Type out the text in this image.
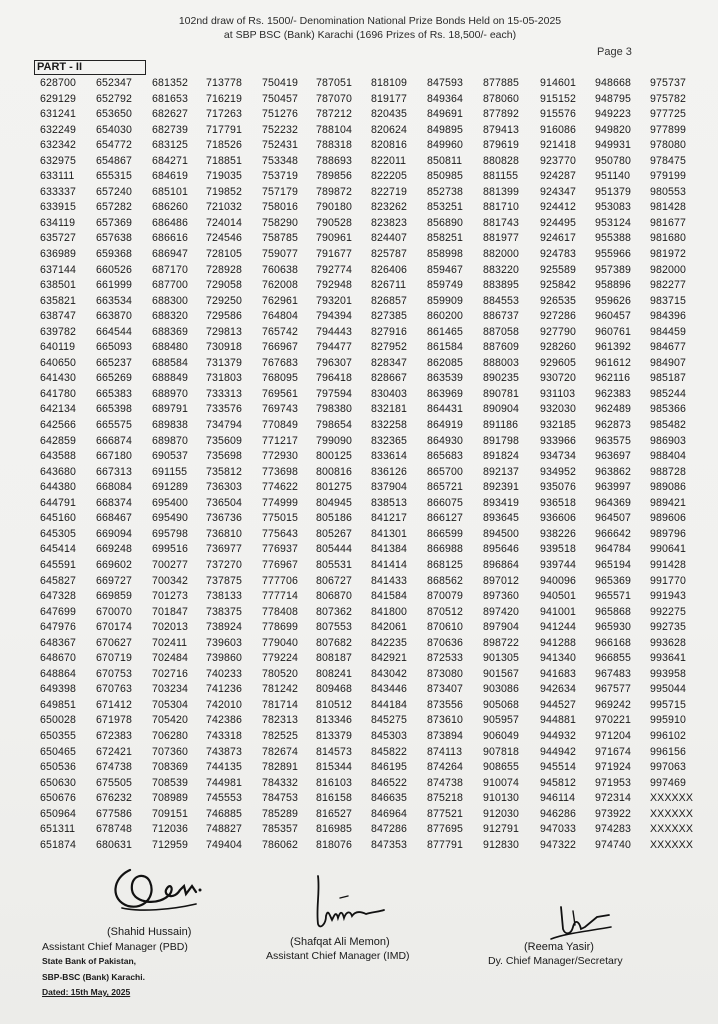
102nd draw of Rs. 1500/- Denomination National Prize Bonds Held on 15-05-2025
at SBP BSC (Bank) Karachi (1696 Prizes of Rs. 18,500/- each)
Page 3
PART - II
628700	652347	681352	713778	750419	787051	818109	847593	877885	914601	948668	975737
629129	652792	681653	716219	750457	787070	819177	849364	878060	915152	948795	975782
631241	653650	682627	717263	751276	787212	820435	849691	877892	915576	949223	977725
632249	654030	682739	717791	752232	788104	820624	849895	879413	916086	949820	977899
632342	654772	683125	718526	752431	788318	820816	849960	879619	921418	949931	978080
632975	654867	684271	718851	753348	788693	822011	850811	880828	923770	950780	978475
633111	655315	684619	719035	753719	789856	822205	850985	881155	924287	951140	979199
633337	657240	685101	719852	757179	789872	822719	852738	881399	924347	951379	980553
633915	657282	686260	721032	758016	790180	823262	853251	881710	924412	953083	981428
634119	657369	686486	724014	758290	790528	823823	856890	881743	924495	953124	981677
635727	657638	686616	724546	758785	790961	824407	858251	881977	924617	955388	981680
636989	659368	686947	728105	759077	791677	825787	858998	882000	924783	955966	981972
637144	660526	687170	728928	760638	792774	826406	859467	883220	925589	957389	982000
638501	661999	687700	729058	762008	792948	826711	859749	883895	925842	958896	982277
635821	663534	688300	729250	762961	793201	826857	859909	884553	926535	959626	983715
638747	663870	688320	729586	764804	794394	827385	860200	886737	927286	960457	984396
639782	664544	688369	729813	765742	794443	827916	861465	887058	927790	960761	984459
640119	665093	688480	730918	766967	794477	827952	861584	887609	928260	961392	984677
640650	665237	688584	731379	767683	796307	828347	862085	888003	929605	961612	984907
641430	665269	688849	731803	768095	796418	828667	863539	890235	930720	962116	985187
641780	665383	688970	733313	769561	797594	830403	863969	890781	931103	962383	985244
642134	665398	689791	733576	769743	798380	832181	864431	890904	932030	962489	985366
642566	665575	689838	734794	770849	798654	832258	864919	891186	932185	962873	985482
642859	666874	689870	735609	771217	799090	832365	864930	891798	933966	963575	986903
643588	667180	690537	735698	772930	800125	833614	865683	891824	934734	963697	988404
643680	667313	691155	735812	773698	800816	836126	865700	892137	934952	963862	988728
644380	668084	691289	736303	774622	801275	837904	865721	892391	935076	963997	989086
644791	668374	695400	736504	774999	804945	838513	866075	893419	936518	964369	989421
645160	668467	695490	736736	775015	805186	841217	866127	893645	936606	964507	989606
645305	669094	695798	736810	775643	805267	841301	866599	894500	938226	966642	989796
645414	669248	699516	736977	776937	805444	841384	866988	895646	939518	964784	990641
645591	669602	700277	737270	776967	805531	841414	868125	896864	939744	965194	991428
645827	669727	700342	737875	777706	806727	841433	868562	897012	940096	965369	991770
647328	669859	701273	738133	777714	806870	841584	870079	897360	940501	965571	991943
647699	670070	701847	738375	778408	807362	841800	870512	897420	941001	965868	992275
647976	670174	702013	738924	778699	807553	842061	870610	897904	941244	965930	992735
648367	670627	702411	739603	779040	807682	842235	870636	898722	941288	966168	993628
648670	670719	702484	739860	779224	808187	842921	872533	901305	941340	966855	993641
648864	670753	702716	740233	780520	808241	843042	873080	901567	941683	967483	993958
649398	670763	703234	741236	781242	809468	843446	873407	903086	942634	967577	995044
649851	671412	705304	742010	781714	810512	844184	873556	905068	944527	969242	995715
650028	671978	705420	742386	782313	813346	845275	873610	905957	944881	970221	995910
650355	672383	706280	743318	782525	813379	845303	873894	906049	944932	971204	996102
650465	672421	707360	743873	782674	814573	845822	874113	907818	944942	971674	996156
650536	674738	708369	744135	782891	815344	846195	874264	908655	945514	971924	997063
650630	675505	708539	744981	784332	816103	846522	874738	910074	945812	971953	997469
650676	676232	708989	745553	784753	816158	846635	875218	910130	946114	972314	XXXXXX
650964	677586	709151	746885	785289	816527	846964	877521	912030	946286	973922	XXXXXX
651311	678748	712036	748827	785357	816985	847286	877695	912791	947033	974283	XXXXXX
651874	680631	712959	749404	786062	818076	847353	877791	912830	947322	974740	XXXXXX
(Shahid Hussain)
Assistant Chief Manager (PBD)
State Bank of Pakistan,
SBP-BSC (Bank) Karachi.
Dated: 15th May, 2025
(Shafqat Ali Memon)
Assistant Chief Manager (IMD)
(Reema Yasir)
Dy. Chief Manager/Secretary
